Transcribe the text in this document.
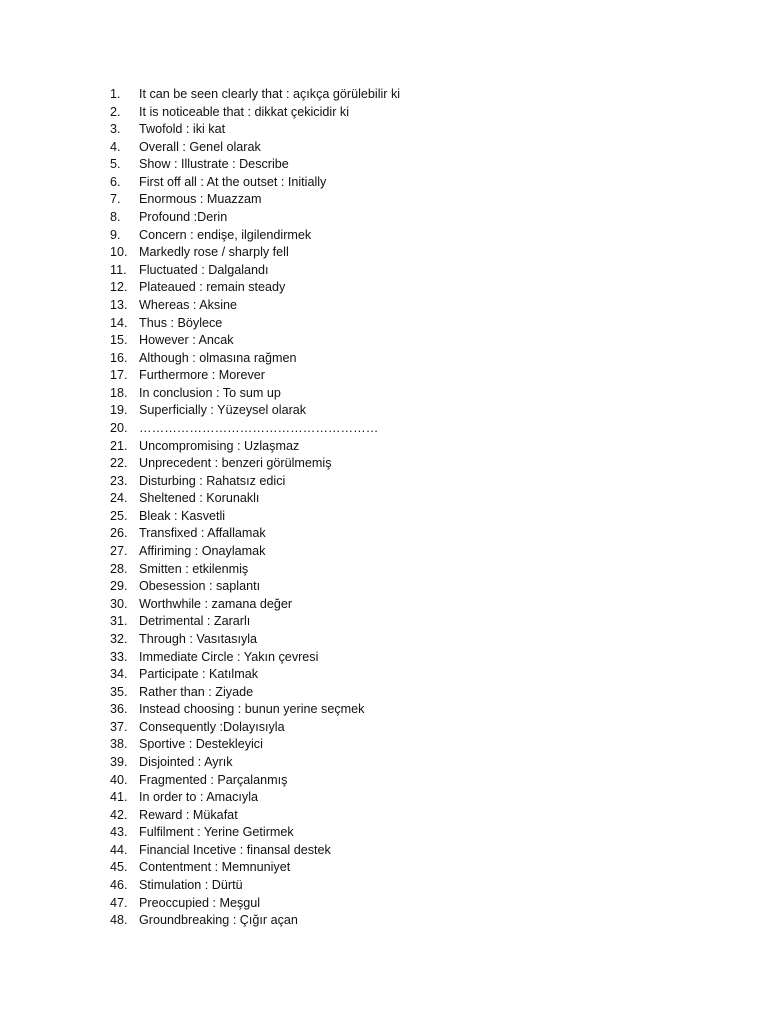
1.	It can be seen clearly that : açıkça görülebilir ki
2.	It is noticeable that : dikkat çekicidir ki
3.	Twofold : iki kat
4.	Overall : Genel olarak
5.	Show : Illustrate : Describe
6.	First off all : At the outset : Initially
7.	Enormous : Muazzam
8.	Profound :Derin
9.	Concern : endişe, ilgilendirmek
10. Markedly rose / sharply fell
11. Fluctuated : Dalgalandı
12. Plateaued : remain steady
13. Whereas : Aksine
14. Thus : Böylece
15. However : Ancak
16. Although : olmasına rağmen
17. Furthermore : Morever
18. In conclusion : To sum up
19. Superficially : Yüzeysel olarak
20. …………………………………………………
21. Uncompromising : Uzlaşmaz
22. Unprecedent : benzeri görülmemiş
23. Disturbing : Rahatsız edici
24. Sheltened : Korunaklı
25. Bleak : Kasvetli
26. Transfixed : Affallamak
27. Affiriming : Onaylamak
28. Smitten : etkilenmiş
29. Obesession : saplantı
30. Worthwhile : zamana değer
31. Detrimental : Zararlı
32. Through : Vasıtasıyla
33. Immediate Circle : Yakın çevresi
34. Participate : Katılmak
35. Rather than : Ziyade
36. Instead choosing : bunun yerine seçmek
37. Consequently :Dolayısıyla
38. Sportive : Destekleyici
39. Disjointed : Ayrık
40. Fragmented : Parçalanmış
41. In order to : Amacıyla
42. Reward : Mükafat
43. Fulfilment : Yerine Getirmek
44. Financial Incetive : finansal destek
45. Contentment : Memnuniyet
46. Stimulation : Dürtü
47. Preoccupied : Meşgul
48. Groundbreaking : Çığır açan
